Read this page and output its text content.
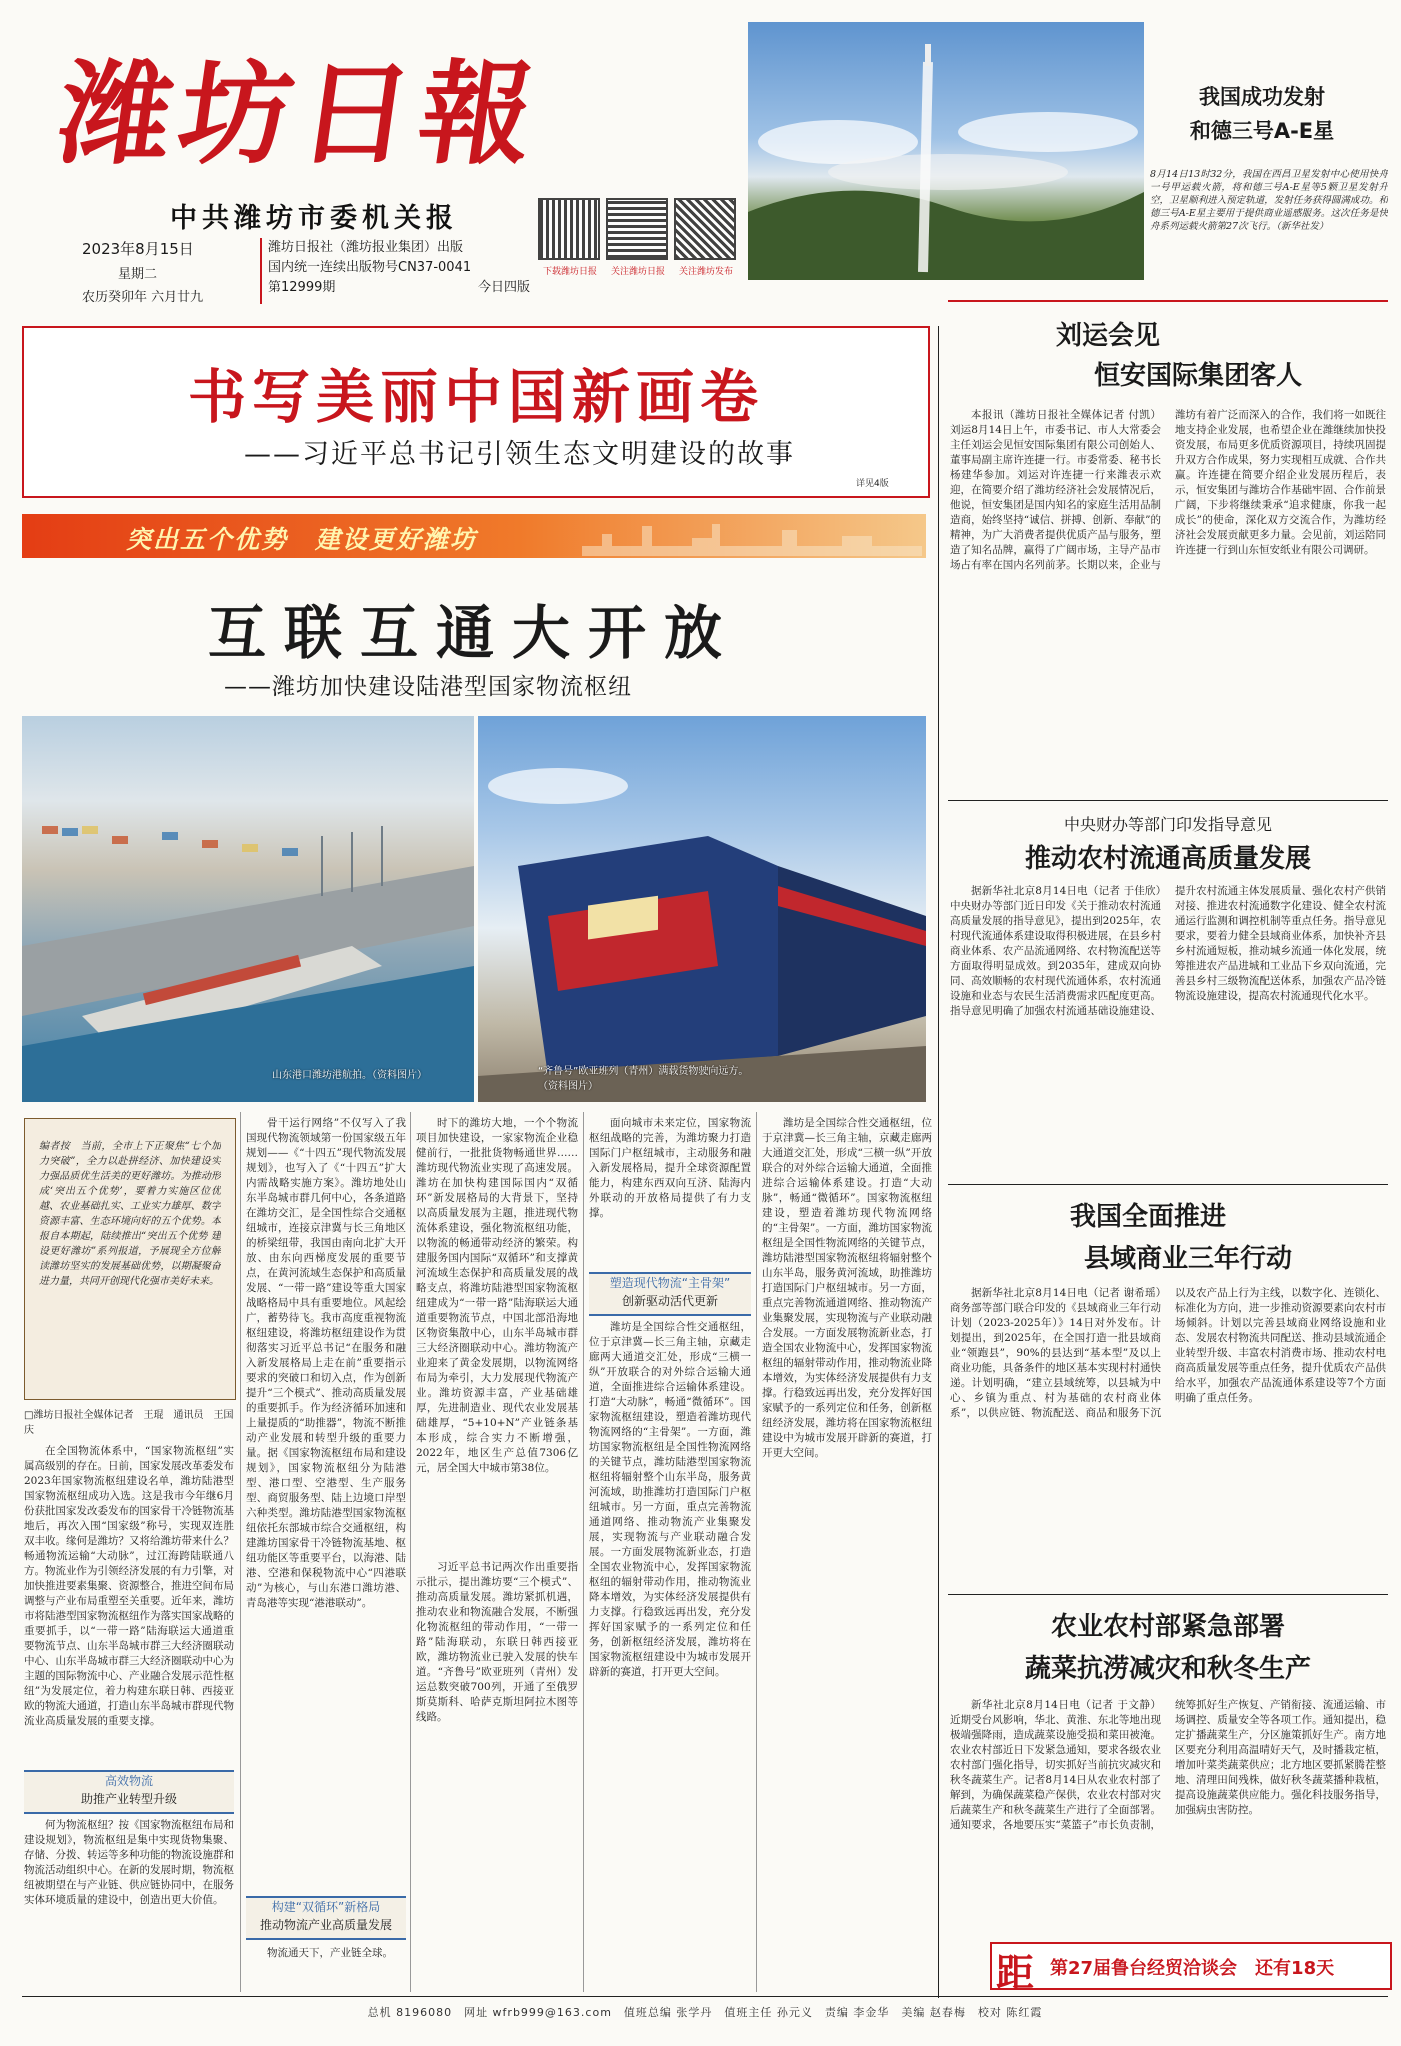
潍坊日報
中共潍坊市委机关报
2023年8月15日
星期二
农历癸卯年 六月廿九
潍坊日报社（潍坊报业集团）出版
国内统一连续出版物号CN37-0041
第12999期	今日四版
下载潍坊日报	关注潍坊日报	关注潍坊发布
我国成功发射
和德三号A-E星
8月14日13时32分，我国在西昌卫星发射中心使用快舟一号甲运载火箭，将和德三号A-E星等5颗卫星发射升空，卫星顺利进入预定轨道，发射任务获得圆满成功。和德三号A-E星主要用于提供商业遥感服务。这次任务是快舟系列运载火箭第27次飞行。（新华社发）
书写美丽中国新画卷
——习近平总书记引领生态文明建设的故事
详见4版
突出五个优势　建设更好潍坊
互联互通大开放
——潍坊加快建设陆港型国家物流枢纽
山东港口潍坊港航拍。（资料图片）	“齐鲁号”欧亚班列（青州）满载货物驶向远方。（资料图片）
编者按　当前，全市上下正聚焦“七个加力突破”，全力以赴拼经济、加快建设实力强品质优生活美的更好潍坊。为推动形成‘突出五个优势’，要着力实施区位优越、农业基础扎实、工业实力雄厚、数字资源丰富、生态环境向好的五个优势。本报自本期起，陆续推出“突出五个优势 建设更好潍坊”系列报道，予展现全方位解读潍坊坚实的发展基础优势，以期凝聚奋进力量，共同开创现代化强市美好未来。
□潍坊日报社全媒体记者　王琨　通讯员　王国庆

在全国物流体系中，“国家物流枢纽”实属高级别的存在。日前，国家发展改革委发布2023年国家物流枢纽建设名单，潍坊陆港型国家物流枢纽成功入选。这是我市今年继6月份获批国家发改委发布的国家骨干冷链物流基地后，再次入围“国家级”称号，实现双连胜双丰收。缘何是潍坊？又将给潍坊带来什么？畅通物流运输“大动脉”，过江海跨陆联通八方。物流业作为引领经济发展的有力引擎，对加快推进要素集聚、资源整合，推进空间布局调整与产业布局重塑至关重要。近年来，潍坊市将陆港型国家物流枢纽作为落实国家战略的重要抓手，以“一带一路”陆海联运大通道重要物流节点、山东半岛城市群三大经济圈联动中心、山东半岛城市群三大经济圈联动中心为主题的国际物流中心、产业融合发展示范性枢纽”为发展定位，着力构建东联日韩、西接亚欧的物流大通道，打造山东半岛城市群现代物流业高质量发展的重要支撑。

高效物流
助推产业转型升级

何为物流枢纽？按《国家物流枢纽布局和建设规划》，物流枢纽是集中实现货物集聚、存储、分拨、转运等多种功能的物流设施群和物流活动组织中心。在新的发展时期，物流枢纽被期望在与产业链、供应链协同中，在服务实体环境质量的建设中，创造出更大价值。

骨干运行网络”不仅写入了我国现代物流领域第一份国家级五年规划——《“十四五”现代物流发展规划》，也写入了《“十四五”扩大内需战略实施方案》。潍坊地处山东半岛城市群几何中心，各条道路在潍坊交汇，是全国性综合交通枢纽城市，连接京津冀与长三角地区的桥梁纽带，我国由南向北扩大开放、由东向西梯度发展的重要节点，在黄河流域生态保护和高质量发展、“一带一路”建设等重大国家战略格局中具有重要地位。风起绘广，蓄势待飞。我市高度重视物流枢纽建设，将潍坊枢纽建设作为贯彻落实习近平总书记“在服务和融入新发展格局上走在前”重要指示要求的突破口和切入点，作为创新提升“三个模式”、推动高质量发展的重要抓手。作为经济循环加速和上量提质的“助推器”，物流不断推动产业发展和转型升级的重要力量。据《国家物流枢纽布局和建设规划》，国家物流枢纽分为陆港型、港口型、空港型、生产服务型、商贸服务型、陆上边境口岸型六种类型。潍坊陆港型国家物流枢纽依托东部城市综合交通枢纽，构建潍坊国家骨干冷链物流基地、枢纽功能区等重要平台，以海港、陆港、空港和保税物流中心“四港联动”为核心，与山东港口潍坊港、青岛港等实现“港港联动”。

构建“双循环”新格局
推动物流产业高质量发展

物流通天下，产业链全球。

时下的潍坊大地，一个个物流项目加快建设，一家家物流企业稳健前行，一批批货物畅通世界……潍坊现代物流业实现了高速发展。潍坊在加快构建国际国内“双循环”新发展格局的大背景下，坚持以高质量发展为主题，推进现代物流体系建设，强化物流枢纽功能，以物流的畅通带动经济的繁荣。构建服务国内国际“双循环”和支撑黄河流域生态保护和高质量发展的战略支点，将潍坊陆港型国家物流枢纽建成为“一带一路”陆海联运大通道重要物流节点，中国北部沿海地区物资集散中心，山东半岛城市群三大经济圈联动中心。潍坊物流产业迎来了黄金发展期，以物流网络布局为牵引，大力发展现代物流产业。潍坊资源丰富，产业基础雄厚，先进制造业、现代农业发展基础雄厚，“5+10+N”产业链条基本形成，综合实力不断增强，2022年，地区生产总值7306亿元，居全国大中城市第38位。

习近平总书记两次作出重要指示批示，提出潍坊要“三个模式”、推动高质量发展。潍坊紧抓机遇，推动农业和物流融合发展，不断强化物流枢纽的带动作用，“一带一路”陆海联动，东联日韩西接亚欧，潍坊物流业已驶入发展的快车道。“齐鲁号”欧亚班列（青州）发运总数突破700列，开通了至俄罗斯莫斯科、哈萨克斯坦阿拉木图等线路。

面向城市未来定位，国家物流枢纽战略的完善，为潍坊聚力打造国际门户枢纽城市，主动服务和融入新发展格局，提升全球资源配置能力，构建东西双向互济、陆海内外联动的开放格局提供了有力支撑。

塑造现代物流“主骨架”
创新驱动活代更新

潍坊是全国综合性交通枢纽，位于京津冀—长三角主轴，京藏走廊两大通道交汇处，形成“三横一纵”开放联合的对外综合运输大通道，全面推进综合运输体系建设。打造“大动脉”，畅通“微循环”。国家物流枢纽建设，塑造着潍坊现代物流网络的“主骨架”。一方面，潍坊国家物流枢纽是全国性物流网络的关键节点，潍坊陆港型国家物流枢纽将辐射整个山东半岛，服务黄河流域，助推潍坊打造国际门户枢纽城市。另一方面，重点完善物流通道网络、推动物流产业集聚发展，实现物流与产业联动融合发展。一方面发展物流新业态，打造全国农业物流中心，发挥国家物流枢纽的辐射带动作用，推动物流业降本增效，为实体经济发展提供有力支撑。行稳致远再出发，充分发挥好国家赋予的一系列定位和任务，创新枢纽经济发展，潍坊将在国家物流枢纽建设中为城市发展开辟新的赛道，打开更大空间。

潍坊是全国综合性交通枢纽，位于京津冀—长三角主轴，京藏走廊两大通道交汇处，形成“三横一纵”开放联合的对外综合运输大通道，全面推进综合运输体系建设。打造“大动脉”，畅通“微循环”。国家物流枢纽建设，塑造着潍坊现代物流网络的“主骨架”。一方面，潍坊国家物流枢纽是全国性物流网络的关键节点，潍坊陆港型国家物流枢纽将辐射整个山东半岛，服务黄河流域，助推潍坊打造国际门户枢纽城市。另一方面，重点完善物流通道网络、推动物流产业集聚发展，实现物流与产业联动融合发展。一方面发展物流新业态，打造全国农业物流中心，发挥国家物流枢纽的辐射带动作用，推动物流业降本增效，为实体经济发展提供有力支撑。行稳致远再出发，充分发挥好国家赋予的一系列定位和任务，创新枢纽经济发展，潍坊将在国家物流枢纽建设中为城市发展开辟新的赛道，打开更大空间。

刘运会见
恒安国际集团客人

本报讯（潍坊日报社全媒体记者 付凯）刘运8月14日上午，市委书记、市人大常委会主任刘运会见恒安国际集团有限公司创始人、董事局副主席许连捷一行。市委常委、秘书长杨建华参加。刘运对许连捷一行来潍表示欢迎，在简要介绍了潍坊经济社会发展情况后，他说，恒安集团是国内知名的家庭生活用品制造商，始终坚持“诚信、拼搏、创新、奉献”的精神，为广大消费者提供优质产品与服务，塑造了知名品牌，赢得了广阔市场，主导产品市场占有率在国内名列前茅。长期以来，企业与潍坊有着广泛而深入的合作，我们将一如既往地支持企业发展，也希望企业在潍继续加快投资发展，布局更多优质资源项目，持续巩固提升双方合作成果，努力实现相互成就、合作共赢。许连捷在简要介绍企业发展历程后，表示，恒安集团与潍坊合作基础牢固、合作前景广阔，下步将继续秉承“追求健康，你我一起成长”的使命，深化双方交流合作，为潍坊经济社会发展贡献更多力量。会见前，刘运陪同许连捷一行到山东恒安纸业有限公司调研。

中央财办等部门印发指导意见
推动农村流通高质量发展

据新华社北京8月14日电（记者 于佳欣）中央财办等部门近日印发《关于推动农村流通高质量发展的指导意见》，提出到2025年，农村现代流通体系建设取得积极进展，在县乡村商业体系、农产品流通网络、农村物流配送等方面取得明显成效。到2035年，建成双向协同、高效顺畅的农村现代流通体系，农村流通设施和业态与农民生活消费需求匹配度更高。指导意见明确了加强农村流通基础设施建设、提升农村流通主体发展质量、强化农村产供销对接、推进农村流通数字化建设、健全农村流通运行监测和调控机制等重点任务。指导意见要求，要着力健全县域商业体系，加快补齐县乡村流通短板，推动城乡流通一体化发展，统筹推进农产品进城和工业品下乡双向流通，完善县乡村三级物流配送体系，加强农产品冷链物流设施建设，提高农村流通现代化水平。

我国全面推进
县域商业三年行动

据新华社北京8月14日电（记者 谢希瑶）商务部等部门联合印发的《县域商业三年行动计划（2023-2025年）》14日对外发布。计划提出，到2025年，在全国打造一批县域商业“领跑县”，90%的县达到“基本型”及以上商业功能，具备条件的地区基本实现村村通快递。计划明确，“建立县域统筹，以县城为中心、乡镇为重点、村为基础的农村商业体系”，以供应链、物流配送、商品和服务下沉以及农产品上行为主线，以数字化、连锁化、标准化为方向，进一步推动资源要素向农村市场倾斜。计划以完善县域商业网络设施和业态、发展农村物流共同配送、推动县域流通企业转型升级、丰富农村消费市场、推动农村电商高质量发展等重点任务，提升优质农产品供给水平，加强农产品流通体系建设等7个方面明确了重点任务。

农业农村部紧急部署
蔬菜抗涝减灾和秋冬生产

新华社北京8月14日电（记者 于文静）近期受台风影响，华北、黄淮、东北等地出现极端强降雨，造成蔬菜设施受损和菜田被淹。农业农村部近日下发紧急通知，要求各级农业农村部门强化指导，切实抓好当前抗灾减灾和秋冬蔬菜生产。记者8月14日从农业农村部了解到，为确保蔬菜稳产保供，农业农村部对灾后蔬菜生产和秋冬蔬菜生产进行了全面部署。通知要求，各地要压实“菜篮子”市长负责制，统筹抓好生产恢复、产销衔接、流通运输、市场调控、质量安全等各项工作。通知提出，稳定扩播蔬菜生产，分区施策抓好生产。南方地区要充分利用高温晴好天气，及时播栽定植，增加叶菜类蔬菜供应；北方地区要抓紧腾茬整地、清理田间残株，做好秋冬蔬菜播种栽植，提高设施蔬菜供应能力。强化科技服务指导，加强病虫害防控。

距 第27届鲁台经贸洽谈会　还有18天
总机 8196080　网址 wfrb999@163.com　值班总编 张学丹　值班主任 孙元义　责编 李金华　美编 赵春梅　校对 陈红霞
